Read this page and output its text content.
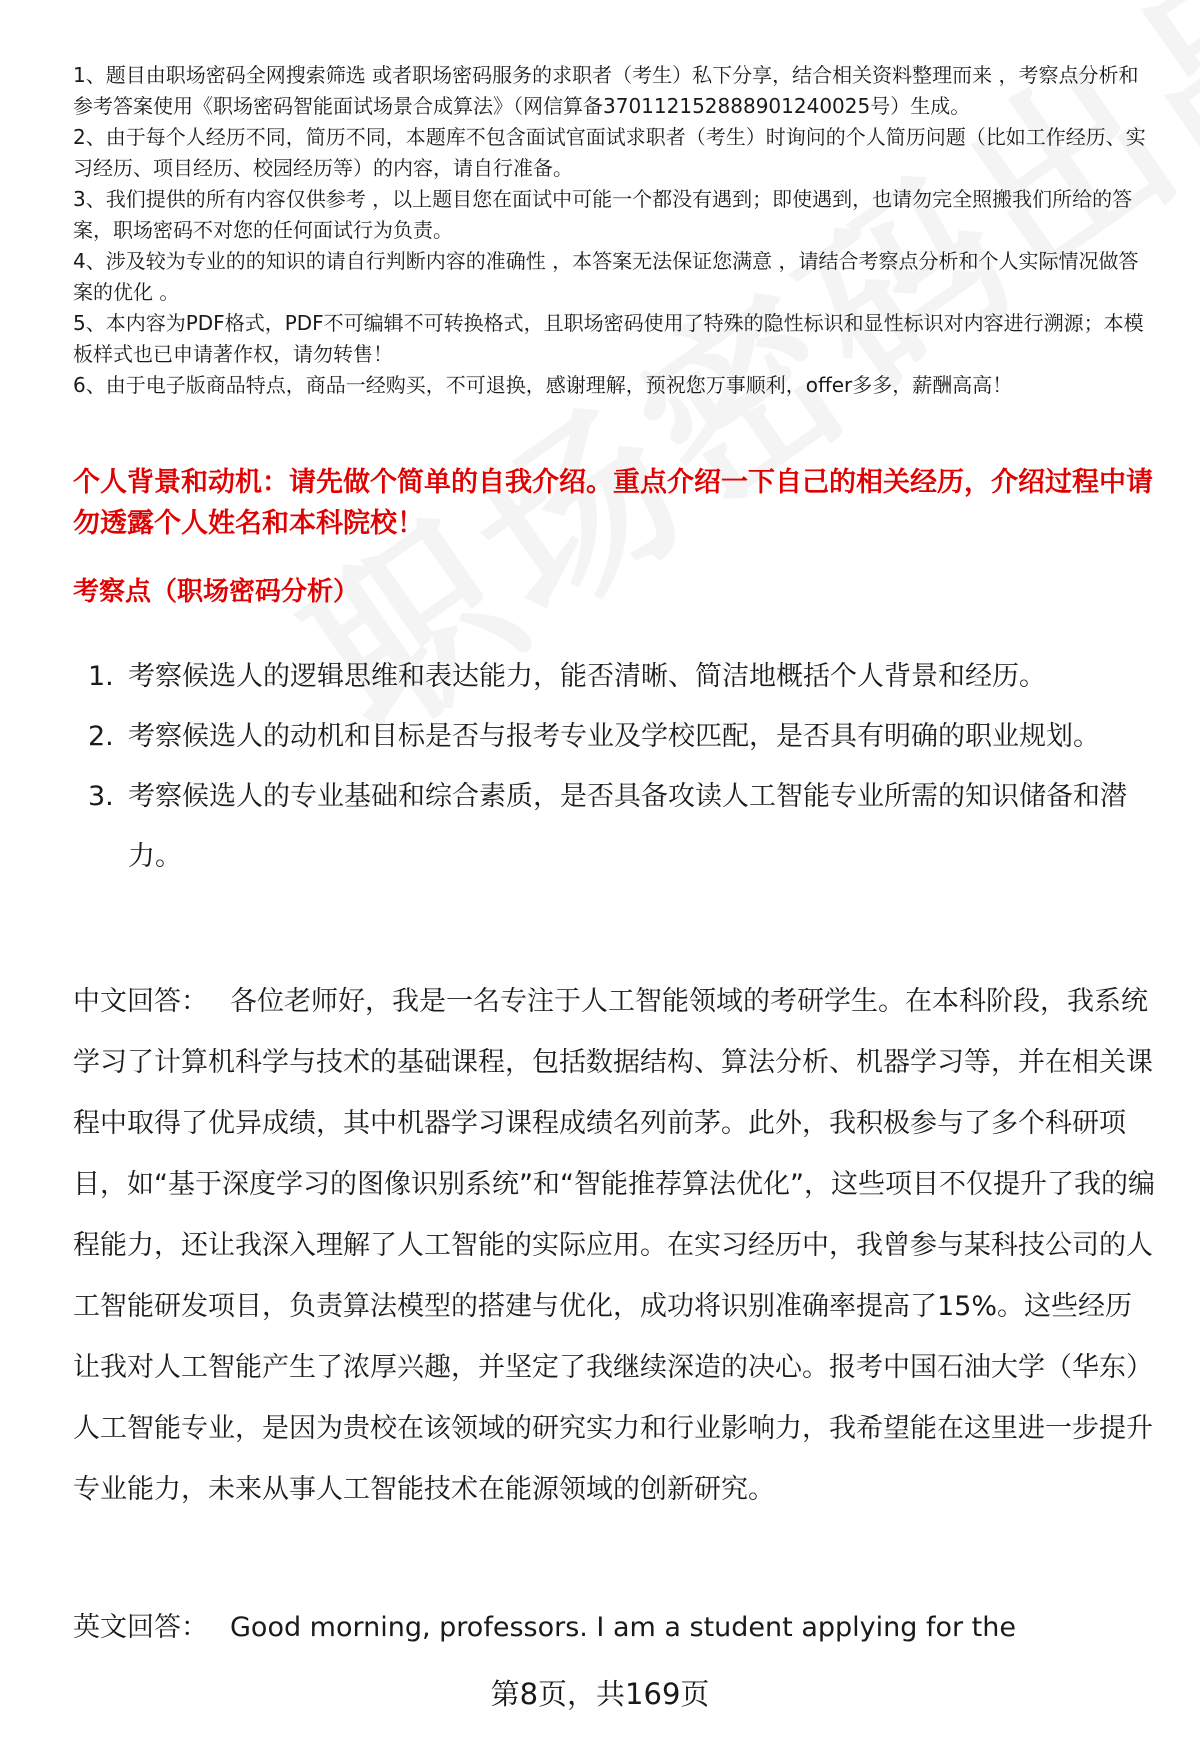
1、题目由职场密码全网搜索筛选 或者职场密码服务的求职者（考生）私下分享，结合相关资料整理而来 ，考察点分析和参考答案使用《职场密码智能面试场景合成算法》（网信算备370112152888901240025号）生成。

2、由于每个人经历不同，简历不同，本题库不包含面试官面试求职者（考生）时询问的个人简历问题（比如工作经历、实习经历、项目经历、校园经历等）的内容，请自行准备。

3、我们提供的所有内容仅供参考 ，以上题目您在面试中可能一个都没有遇到；即使遇到，也请勿完全照搬我们所给的答案，职场密码不对您的任何面试行为负责。

4、涉及较为专业的的知识的请自行判断内容的准确性 ，本答案无法保证您满意 ，请结合考察点分析和个人实际情况做答案的优化 。

5、本内容为PDF格式，PDF不可编辑不可转换格式，且职场密码使用了特殊的隐性标识和显性标识对内容进行溯源；本模板样式也已申请著作权，请勿转售！

6、由于电子版商品特点，商品一经购买，不可退换，感谢理解，预祝您万事顺利，offer多多，薪酬高高！

个人背景和动机：请先做个简单的自我介绍。重点介绍一下自己的相关经历，介绍过程中请勿透露个人姓名和本科院校！
考察点（职场密码分析）
1. 考察候选人的逻辑思维和表达能力，能否清晰、简洁地概括个人背景和经历。
2. 考察候选人的动机和目标是否与报考专业及学校匹配，是否具有明确的职业规划。
3. 考察候选人的专业基础和综合素质，是否具备攻读人工智能专业所需的知识储备和潜力。

中文回答： 各位老师好，我是一名专注于人工智能领域的考研学生。在本科阶段，我系统学习了计算机科学与技术的基础课程，包括数据结构、算法分析、机器学习等，并在相关课程中取得了优异成绩，其中机器学习课程成绩名列前茅。此外，我积极参与了多个科研项目，如“基于深度学习的图像识别系统”和“智能推荐算法优化”，这些项目不仅提升了我的编程能力，还让我深入理解了人工智能的实际应用。在实习经历中，我曾参与某科技公司的人工智能研发项目，负责算法模型的搭建与优化，成功将识别准确率提高了15%。这些经历让我对人工智能产生了浓厚兴趣，并坚定了我继续深造的决心。报考中国石油大学（华东）人工智能专业，是因为贵校在该领域的研究实力和行业影响力，我希望能在这里进一步提升专业能力，未来从事人工智能技术在能源领域的创新研究。

英文回答： Good morning, professors. I am a student applying for the

第8页，共169页
